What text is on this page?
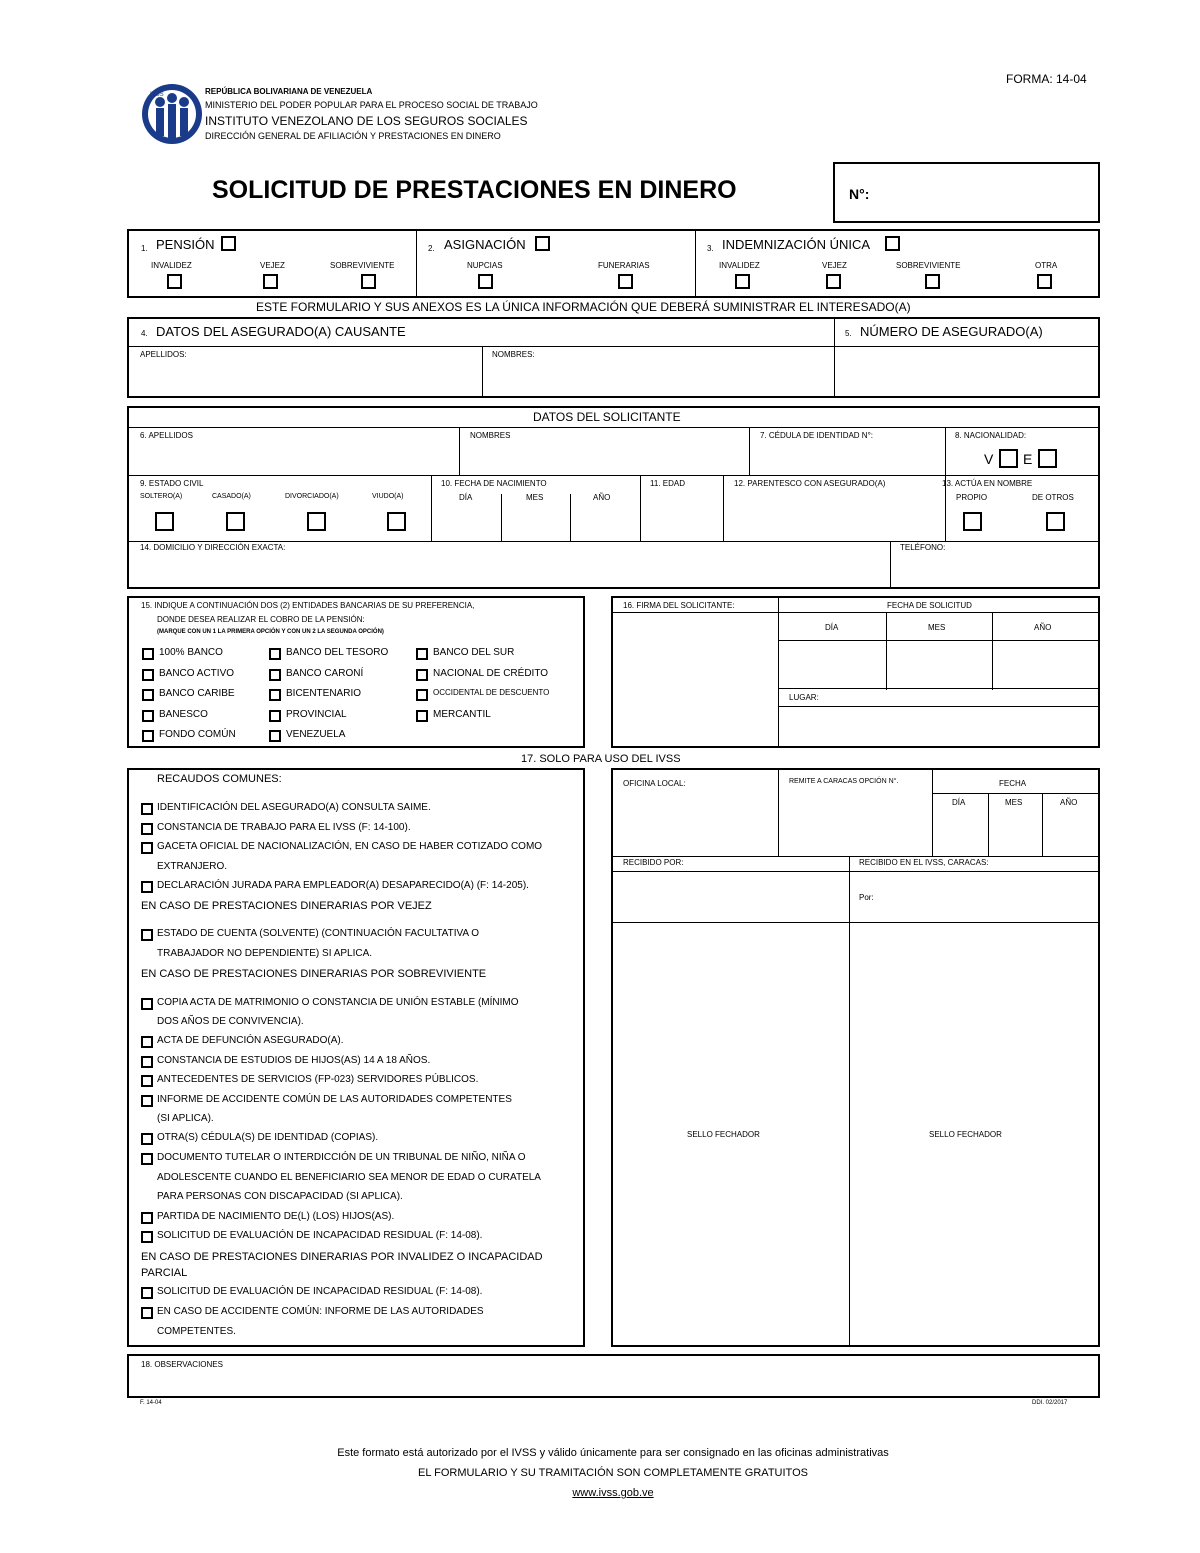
FORMA: 14-04
IVSS	REPÚBLICA BOLIVARIANA DE VENEZUELA
MINISTERIO DEL PODER POPULAR PARA EL PROCESO SOCIAL DE TRABAJO
INSTITUTO VENEZOLANO DE LOS SEGUROS SOCIALES
DIRECCIÓN GENERAL DE AFILIACIÓN Y PRESTACIONES EN DINERO
SOLICITUD DE PRESTACIONES EN DINERO	N°:
1. PENSIÓN
INVALIDEZ	VEJEZ	SOBREVIVIENTE
2. ASIGNACIÓN
NUPCIAS	FUNERARIAS
3. INDEMNIZACIÓN ÚNICA
INVALIDEZ	VEJEZ	SOBREVIVIENTE	OTRA
ESTE FORMULARIO Y SUS ANEXOS ES LA ÚNICA INFORMACIÓN QUE DEBERÁ SUMINISTRAR EL INTERESADO(A)
4. DATOS DEL ASEGURADO(A) CAUSANTE	5. NÚMERO DE ASEGURADO(A)
APELLIDOS:	NOMBRES:
DATOS DEL SOLICITANTE
6. APELLIDOS	NOMBRES	7. CÉDULA DE IDENTIDAD N°:	8. NACIONALIDAD:
V E
9. ESTADO CIVIL
SOLTERO(A)	CASADO(A)	DIVORCIADO(A)	VIUDO(A)
10. FECHA DE NACIMIENTO
DÍA	MES	AÑO
11. EDAD	12. PARENTESCO CON ASEGURADO(A)	13. ACTÚA EN NOMBRE
PROPIO	DE OTROS
14. DOMICILIO Y DIRECCIÓN EXACTA:	TELÉFONO:
15. INDIQUE A CONTINUACIÓN DOS (2) ENTIDADES BANCARIAS DE SU PREFERENCIA,
DONDE DESEA REALIZAR EL COBRO DE LA PENSIÓN:
(MARQUE CON UN 1 LA PRIMERA OPCIÓN Y CON UN 2 LA SEGUNDA OPCIÓN)
100% BANCO
BANCO ACTIVO
BANCO CARIBE
BANESCO
FONDO COMÚN
BANCO DEL TESORO
BANCO CARONÍ
BICENTENARIO
PROVINCIAL
VENEZUELA
BANCO DEL SUR
NACIONAL DE CRÉDITO
OCCIDENTAL DE DESCUENTO
MERCANTIL
16. FIRMA DEL SOLICITANTE:	FECHA DE SOLICITUD
DÍA	MES	AÑO
LUGAR:
17. SOLO PARA USO DEL IVSS
RECAUDOS COMUNES:
IDENTIFICACIÓN DEL ASEGURADO(A) CONSULTA SAIME.
CONSTANCIA DE TRABAJO PARA EL IVSS (F: 14-100).
GACETA OFICIAL DE NACIONALIZACIÓN, EN CASO DE HABER COTIZADO COMO
EXTRANJERO.
DECLARACIÓN JURADA PARA EMPLEADOR(A) DESAPARECIDO(A) (F: 14-205).
EN CASO DE PRESTACIONES DINERARIAS POR VEJEZ
ESTADO DE CUENTA (SOLVENTE) (CONTINUACIÓN FACULTATIVA O
TRABAJADOR NO DEPENDIENTE) SI APLICA.
EN CASO DE PRESTACIONES DINERARIAS POR SOBREVIVIENTE
COPIA ACTA DE MATRIMONIO O CONSTANCIA DE UNIÓN ESTABLE (MÍNIMO
DOS AÑOS DE CONVIVENCIA).
ACTA DE DEFUNCIÓN ASEGURADO(A).
CONSTANCIA DE ESTUDIOS DE HIJOS(AS) 14 A 18 AÑOS.
ANTECEDENTES DE SERVICIOS (FP-023) SERVIDORES PÚBLICOS.
INFORME DE ACCIDENTE COMÚN DE LAS AUTORIDADES COMPETENTES
(SI APLICA).
OTRA(S) CÉDULA(S) DE IDENTIDAD (COPIAS).
DOCUMENTO TUTELAR O INTERDICCIÓN DE UN TRIBUNAL DE NIÑO, NIÑA O
ADOLESCENTE CUANDO EL BENEFICIARIO SEA MENOR DE EDAD O CURATELA
PARA PERSONAS CON DISCAPACIDAD (SI APLICA).
PARTIDA DE NACIMIENTO DE(L) (LOS) HIJOS(AS).
SOLICITUD DE EVALUACIÓN DE INCAPACIDAD RESIDUAL (F: 14-08).
EN CASO DE PRESTACIONES DINERARIAS POR INVALIDEZ O INCAPACIDAD
PARCIAL
SOLICITUD DE EVALUACIÓN DE INCAPACIDAD RESIDUAL (F: 14-08).
EN CASO DE ACCIDENTE COMÚN: INFORME DE LAS AUTORIDADES
COMPETENTES.
OFICINA LOCAL:	REMITE A CARACAS OPCIÓN N°.	FECHA
DÍA	MES	AÑO
RECIBIDO POR:	RECIBIDO EN EL IVSS, CARACAS:
Por:
SELLO FECHADOR	SELLO FECHADOR
18. OBSERVACIONES
F. 14-04	DDI. 02/2017
Este formato está autorizado por el IVSS y válido únicamente para ser consignado en las oficinas administrativas
EL FORMULARIO Y SU TRAMITACIÓN SON COMPLETAMENTE GRATUITOS
www.ivss.gob.ve
